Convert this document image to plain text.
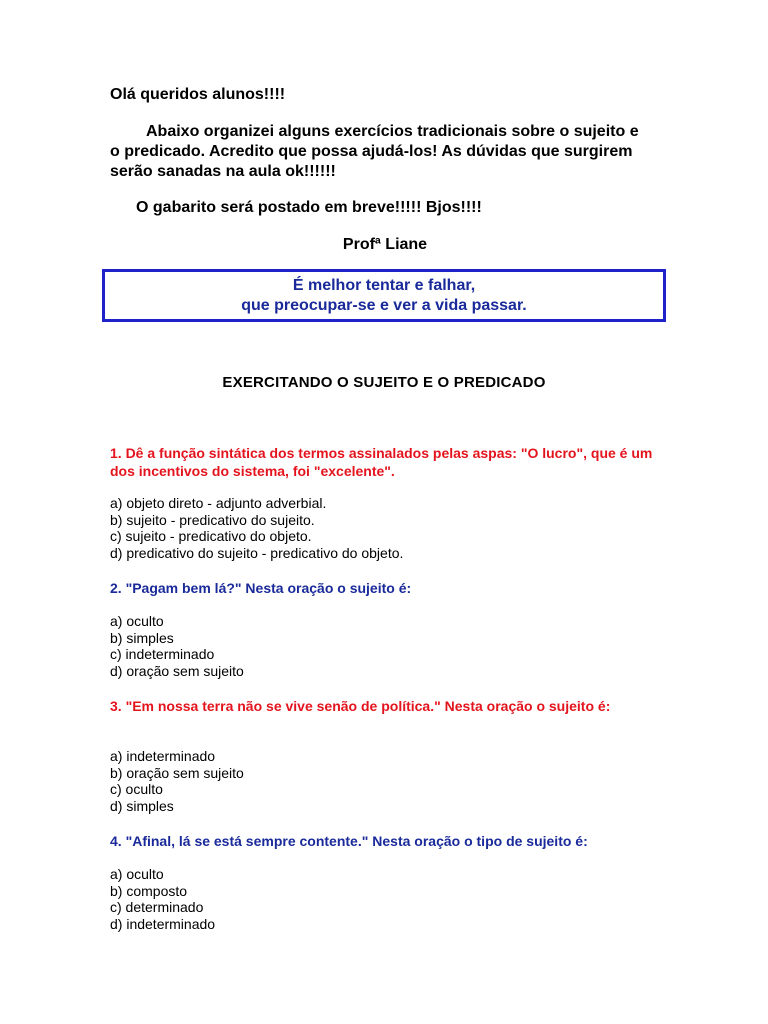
Olá queridos alunos!!!!

Abaixo organizei alguns exercícios tradicionais sobre o sujeito e o predicado. Acredito que possa ajudá-los! As dúvidas que surgirem serão sanadas na aula ok!!!!!!

O gabarito será postado em breve!!!!! Bjos!!!!

Profª Liane

É melhor tentar e falhar,
que preocupar-se e ver a vida passar.
EXERCITANDO O SUJEITO E O PREDICADO

1. Dê a função sintática dos termos assinalados pelas aspas: "O lucro", que é um dos incentivos do sistema, foi "excelente".

a) objeto direto - adjunto adverbial.
b) sujeito - predicativo do sujeito.
c) sujeito - predicativo do objeto.
d) predicativo do sujeito - predicativo do objeto.

2. "Pagam bem lá?" Nesta oração o sujeito é:

a) oculto
b) simples
c) indeterminado
d) oração sem sujeito

3. "Em nossa terra não se vive senão de política." Nesta oração o sujeito é:

a) indeterminado
b) oração sem sujeito
c) oculto
d) simples

4. "Afinal, lá se está sempre contente." Nesta oração o tipo de sujeito é:

a) oculto
b) composto
c) determinado
d) indeterminado
